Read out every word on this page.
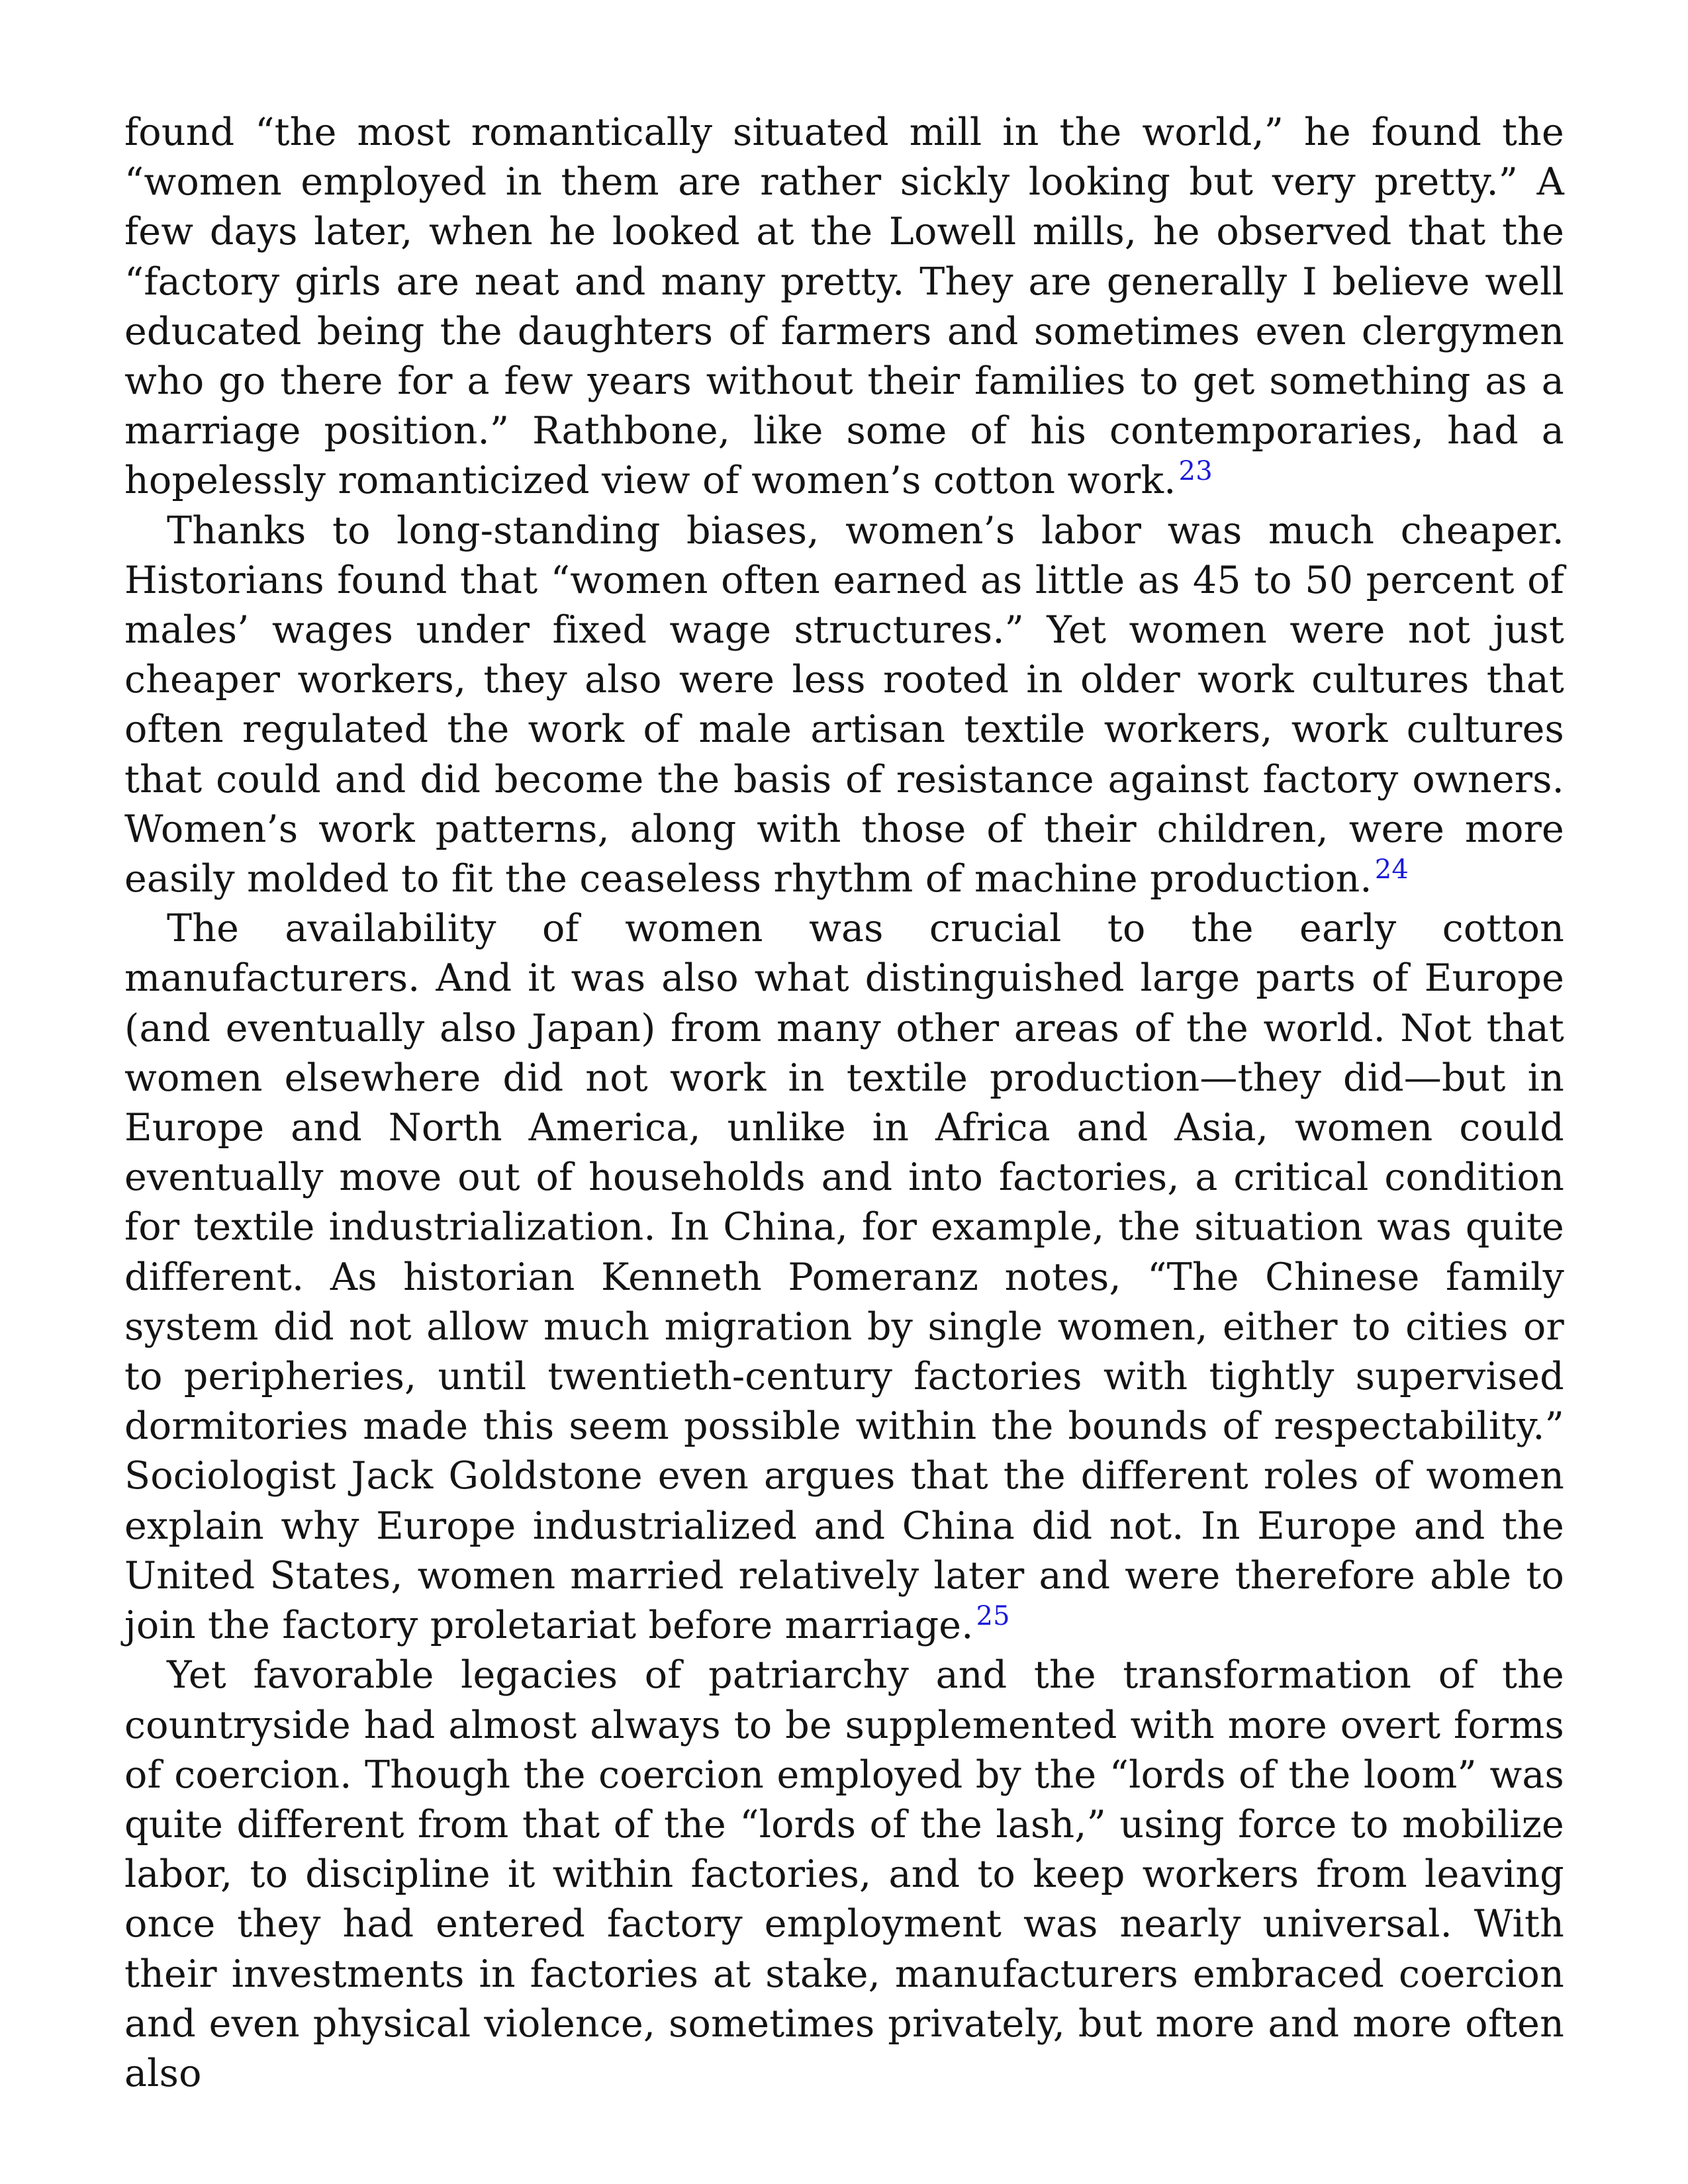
found “the most romantically situated mill in the world,” he found the “women employed in them are rather sickly looking but very pretty.” A few days later, when he looked at the Lowell mills, he observed that the “factory girls are neat and many pretty. They are generally I believe well educated being the daughters of farmers and sometimes even clergymen who go there for a few years without their families to get something as a marriage position.” Rathbone, like some of his contemporaries, had a hopelessly romanticized view of women’s cotton work. $^{23}$

Thanks to long-standing biases, women’s labor was much cheaper. Historians found that “women often earned as little as 45 to 50 percent of males’ wages under fixed wage structures.” Yet women were not just cheaper workers, they also were less rooted in older work cultures that often regulated the work of male artisan textile workers, work cultures that could and did become the basis of resistance against factory owners. Women’s work patterns, along with those of their children, were more easily molded to fit the ceaseless rhythm of machine production. $^{24}$

The availability of women was crucial to the early cotton manufacturers. And it was also what distinguished large parts of Europe (and eventually also Japan) from many other areas of the world. Not that women elsewhere did not work in textile production—they did—but in Europe and North America, unlike in Africa and Asia, women could eventually move out of households and into factories, a critical condition for textile industrialization. In China, for example, the situation was quite different. As historian Kenneth Pomeranz notes, “The Chinese family system did not allow much migration by single women, either to cities or to peripheries, until twentieth-century factories with tightly supervised dormitories made this seem possible within the bounds of respectability.” Sociologist Jack Goldstone even argues that the different roles of women explain why Europe industrialized and China did not. In Europe and the United States, women married relatively later and were therefore able to join the factory proletariat before marriage. $^{25}$

Yet favorable legacies of patriarchy and the transformation of the countryside had almost always to be supplemented with more overt forms of coercion. Though the coercion employed by the “lords of the loom” was quite different from that of the “lords of the lash,” using force to mobilize labor, to discipline it within factories, and to keep workers from leaving once they had entered factory employment was nearly universal. With their investments in factories at stake, manufacturers embraced coercion and even physical violence, sometimes privately, but more and more often also
